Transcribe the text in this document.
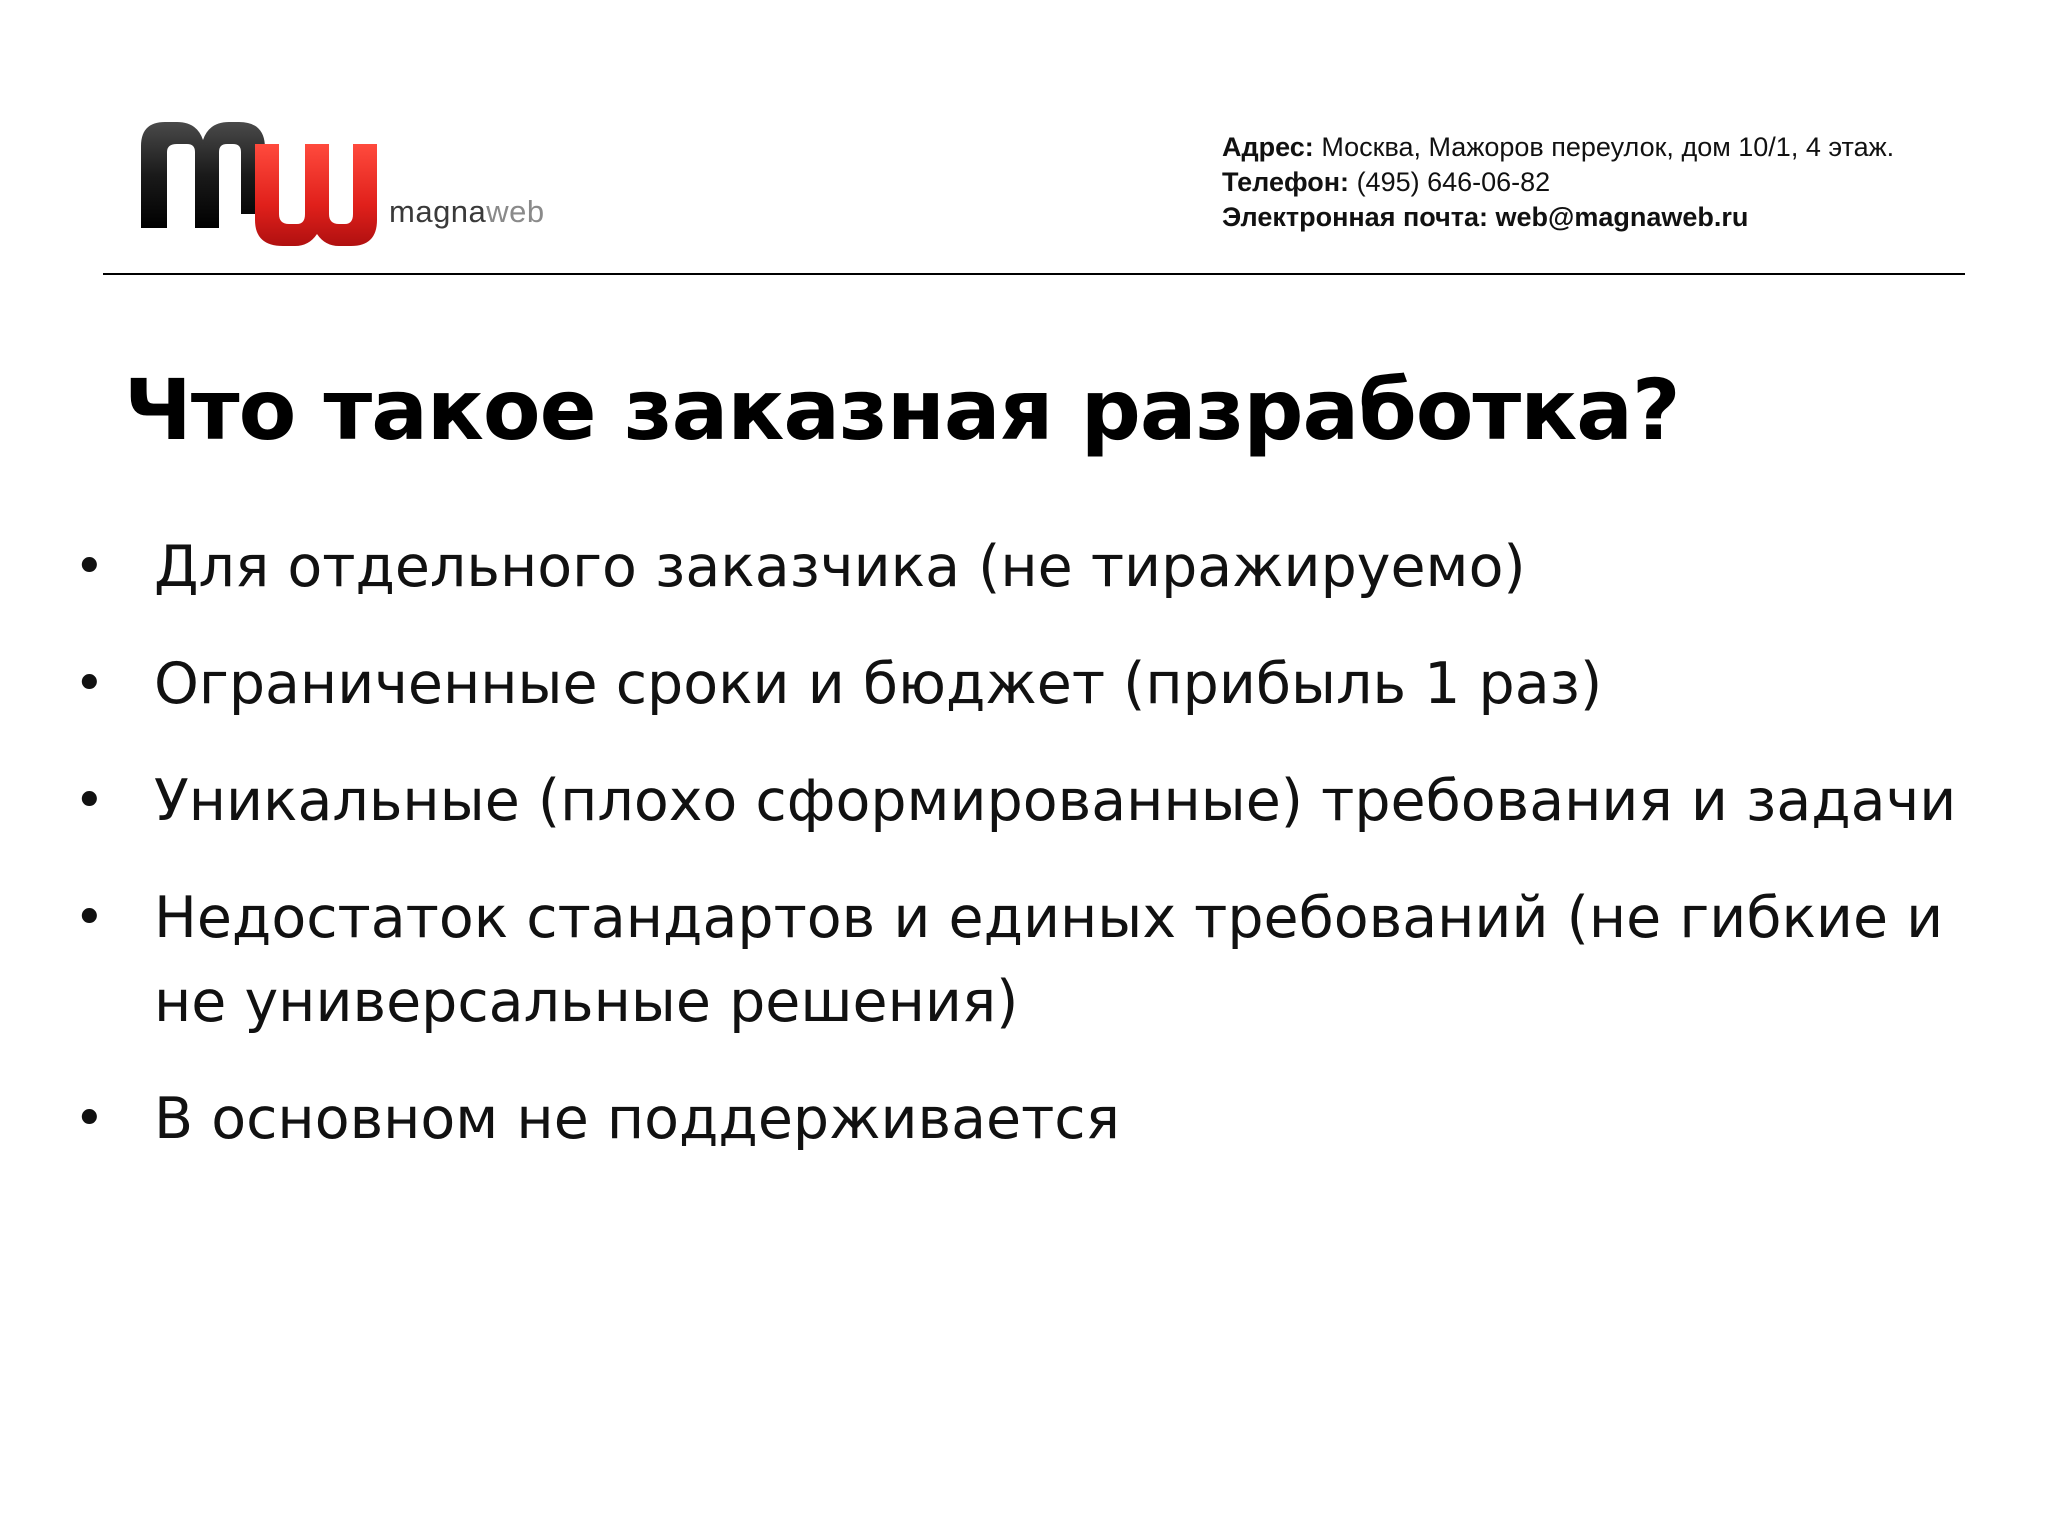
magnaweb
Адрес: Москва, Мажоров переулок, дом 10/1, 4 этаж.
Телефон: (495) 646-06-82
Электронная почта: web@magnaweb.ru
Что такое заказная разработка?
• Для отдельного заказчика (не тиражируемо)
• Ограниченные сроки и бюджет (прибыль 1 раз)
• Уникальные (плохо сформированные) требования и задачи
• Недостаток стандартов и единых требований (не гибкие и не универсальные решения)
• В основном не поддерживается
